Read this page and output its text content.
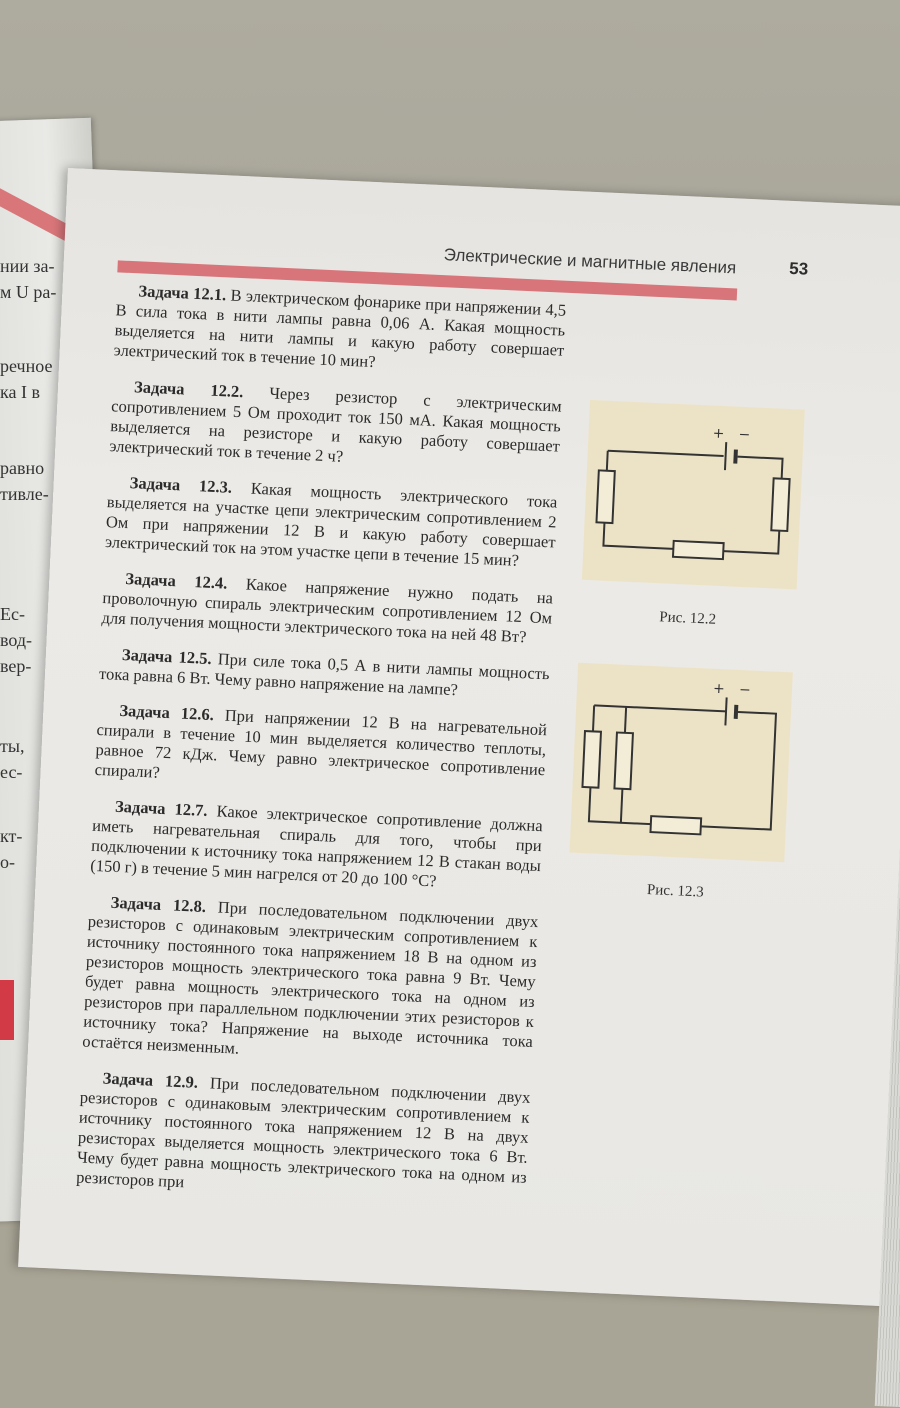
нии за-
м U ра-
речное
ка I в
равно
тивле-
Ес-
вод-
вер-
ты,
ес-
кт-
о-
Электрические и магнитные явления	53

Задача 12.1. В электрическом фонарике при напряжении 4,5 В сила тока в нити лампы равна 0,06 А. Какая мощность выделяется на нити лампы и какую работу совершает электрический ток в течение 10 мин?

Задача 12.2. Через резистор с электрическим сопротивлением 5 Ом проходит ток 150 мА. Какая мощность выделяется на резисторе и какую работу совершает электрический ток в течение 2 ч?

Задача 12.3. Какая мощность электрического тока выделяется на участке цепи электрическим сопротивлением 2 Ом при напряжении 12 В и какую работу совершает электрический ток на этом участке цепи в течение 15 мин?

Задача 12.4. Какое напряжение нужно подать на проволочную спираль электрическим сопротивлением 12 Ом для получения мощности электрического тока на ней 48 Вт?

Задача 12.5. При силе тока 0,5 А в нити лампы мощность тока равна 6 Вт. Чему равно напряжение на лампе?

Задача 12.6. При напряжении 12 В на нагревательной спирали в течение 10 мин выделяется количество теплоты, равное 72 кДж. Чему равно электрическое сопротивление спирали?

Задача 12.7. Какое электрическое сопротивление должна иметь нагревательная спираль для того, чтобы при подключении к источнику тока напряжением 12 В стакан воды (150 г) в течение 5 мин нагрелся от 20 до 100 °С?

Задача 12.8. При последовательном подключении двух резисторов с одинаковым электрическим сопротивлением к источнику постоянного тока напряжением 18 В на одном из резисторов мощность электрического тока равна 9 Вт. Чему будет равна мощность электрического тока на одном из резисторов при параллельном подключении этих резисторов к источнику тока? Напряжение на выходе источника тока остаётся неизменным.

Задача 12.9. При последовательном подключении двух резисторов с одинаковым электрическим сопротивлением к источнику постоянного тока напряжением 12 В на двух резисторах выделяется мощность электрического тока 6 Вт. Чему будет равна мощность электрического тока на одном из резисторов при

+ −
Рис. 12.2
+ −
Рис. 12.3
